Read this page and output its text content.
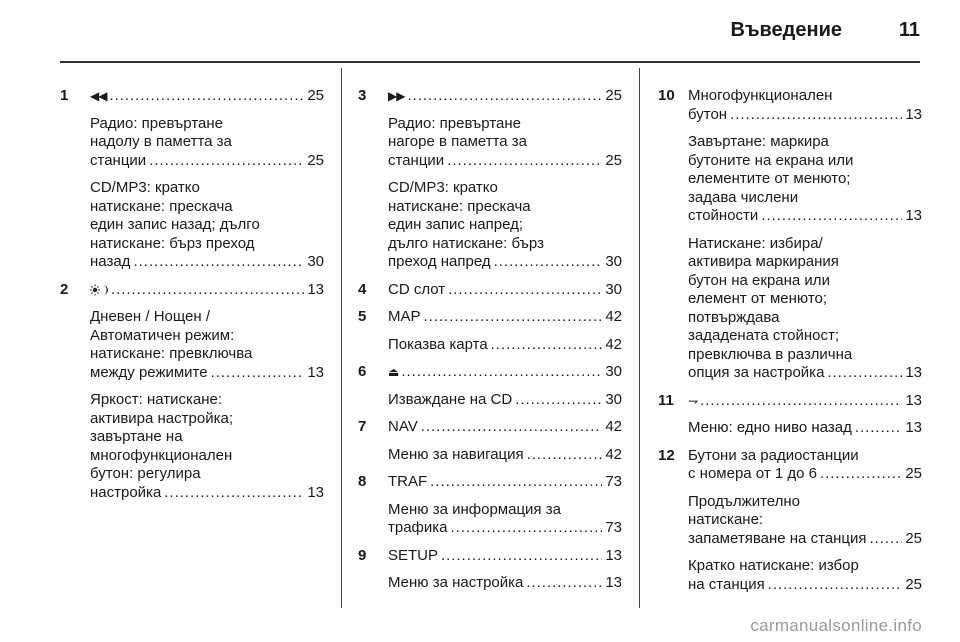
Въведение	11
1 ◀◀ . . .	25
Радио: превъртане
надолу в паметта за
станции . . .	25
CD/MP3: кратко
натискане: прескача
един запис назад; дълго
натискане: бърз преход
назад . . .	30
2 . . .	13
Дневен / Нощен /
Автоматичен режим:
натискане: превключва
между режимите . . .	13
Яркост: натискане:
активира настройка;
завъртане на
многофункционален
бутон: регулира
настройка . . .	13
3 ▶▶ . . .	25
Радио: превъртане
нагоре в паметта за
станции . . .	25
CD/MP3: кратко
натискане: прескача
един запис напред;
дълго натискане: бърз
преход напред . . .	30
4 CD слот . . .	30
5 MAP . . .	42
Показва карта . . .	42
6 ⏏ . . .	30
Изваждане на CD . . .	30
7 NAV . . .	42
Меню за навигация . . .	42
8 TRAF . . .	73
Меню за информация за
трафика . . .	73
9 SETUP . . .	13
Меню за настройка . . .	13
10 Многофункционален
бутон . . .	13
Завъртане: маркира
бутоните на екрана или
елементите от менюто;
задава числени
стойности . . .	13
Натискане: избира/
активира маркирания
бутон на екрана или
елемент от менюто;
потвърждава
зададената стойност;
превключва в различна
опция за настройка . . .	13
11 ⇁ . . .	13
Меню: едно ниво назад . . .	13
12 Бутони за радиостанции
с номера от 1 до 6 . . .	25
Продължително
натискане:
запаметяване на станция . . .	25
Кратко натискане: избор
на станция . . .	25
carmanualsonline.info
